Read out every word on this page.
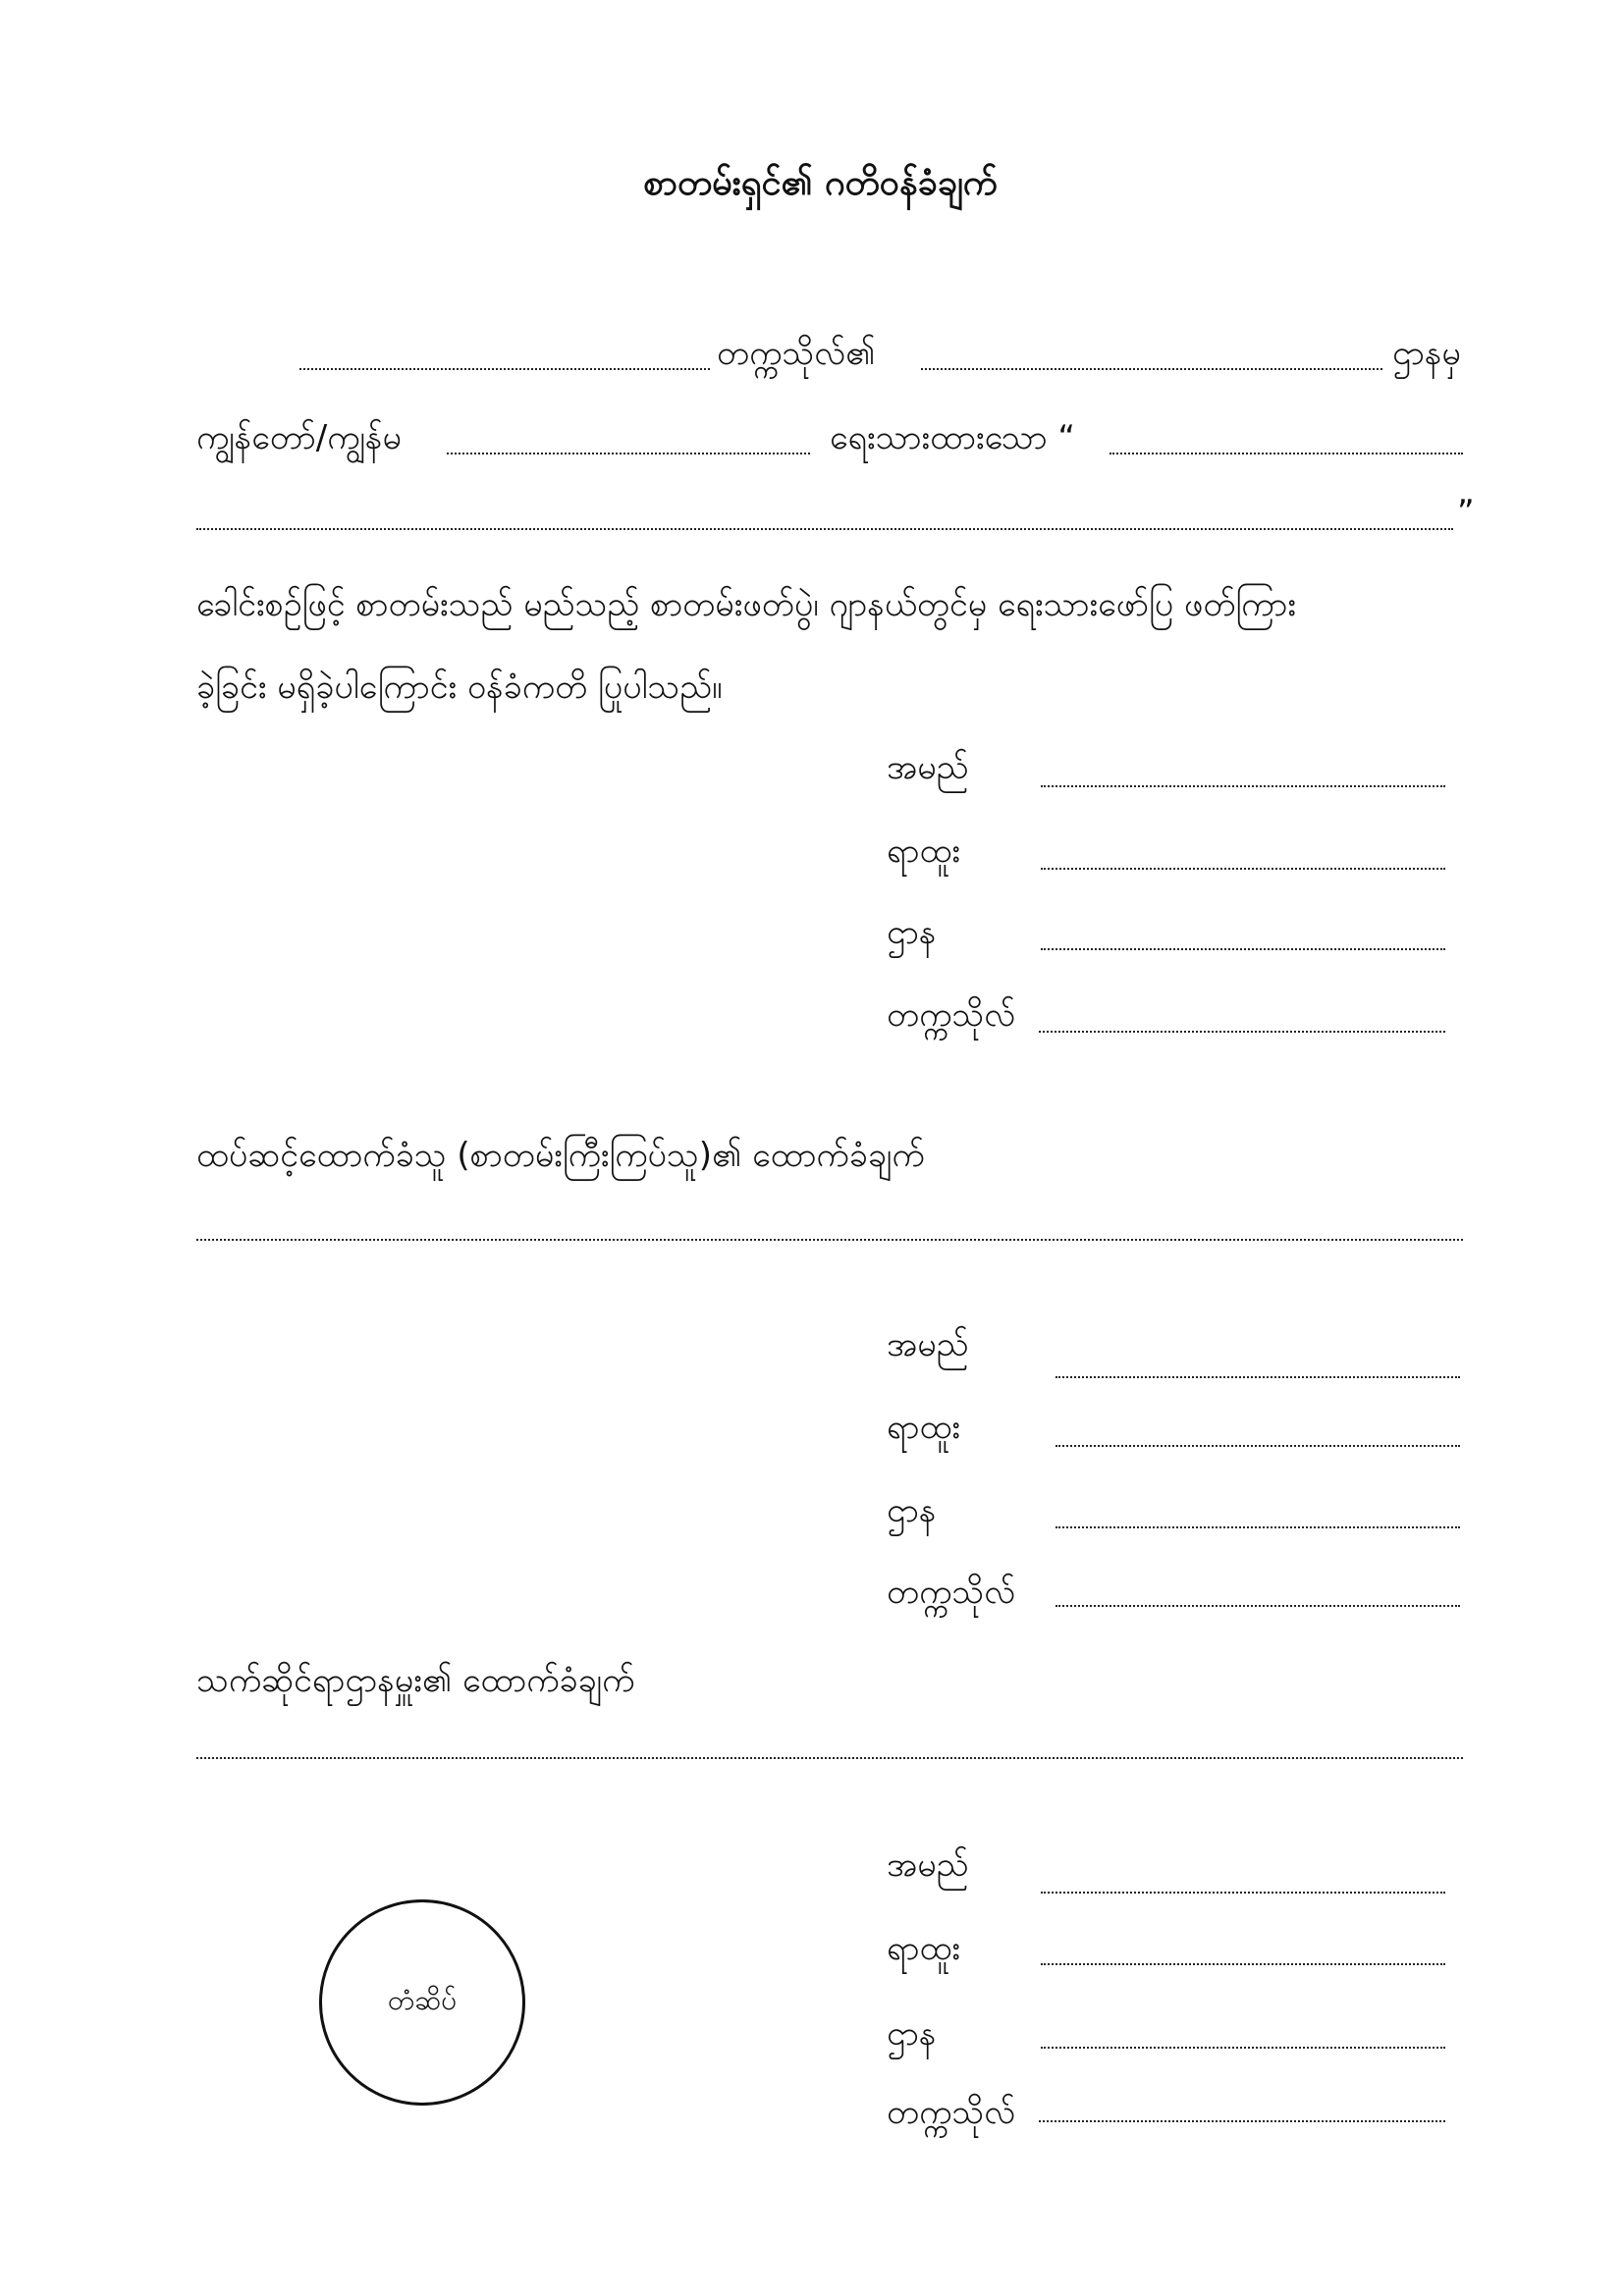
စာတမ်းရှင်၏ ဂတိဝန်ခံချက်
တက္ကသိုလ်၏	ဌာနမှ
ကျွန်တော်/ကျွန်မ	ရေးသားထားသော “
”
ခေါင်းစဉ်ဖြင့် စာတမ်းသည် မည်သည့် စာတမ်းဖတ်ပွဲ၊ ဂျာနယ်တွင်မှ ရေးသားဖော်ပြ ဖတ်ကြား
ခဲ့ခြင်း မရှိခဲ့ပါကြောင်း ဝန်ခံကတိ ပြုပါသည်။
အမည်
ရာထူး
ဌာန
တက္ကသိုလ်
ထပ်ဆင့်ထောက်ခံသူ (စာတမ်းကြီးကြပ်သူ)၏ ထောက်ခံချက်
အမည်
ရာထူး
ဌာန
တက္ကသိုလ်
သက်ဆိုင်ရာဌာနမှူး၏ ထောက်ခံချက်
အမည်
ရာထူး
ဌာန
တက္ကသိုလ်
တံဆိပ်
